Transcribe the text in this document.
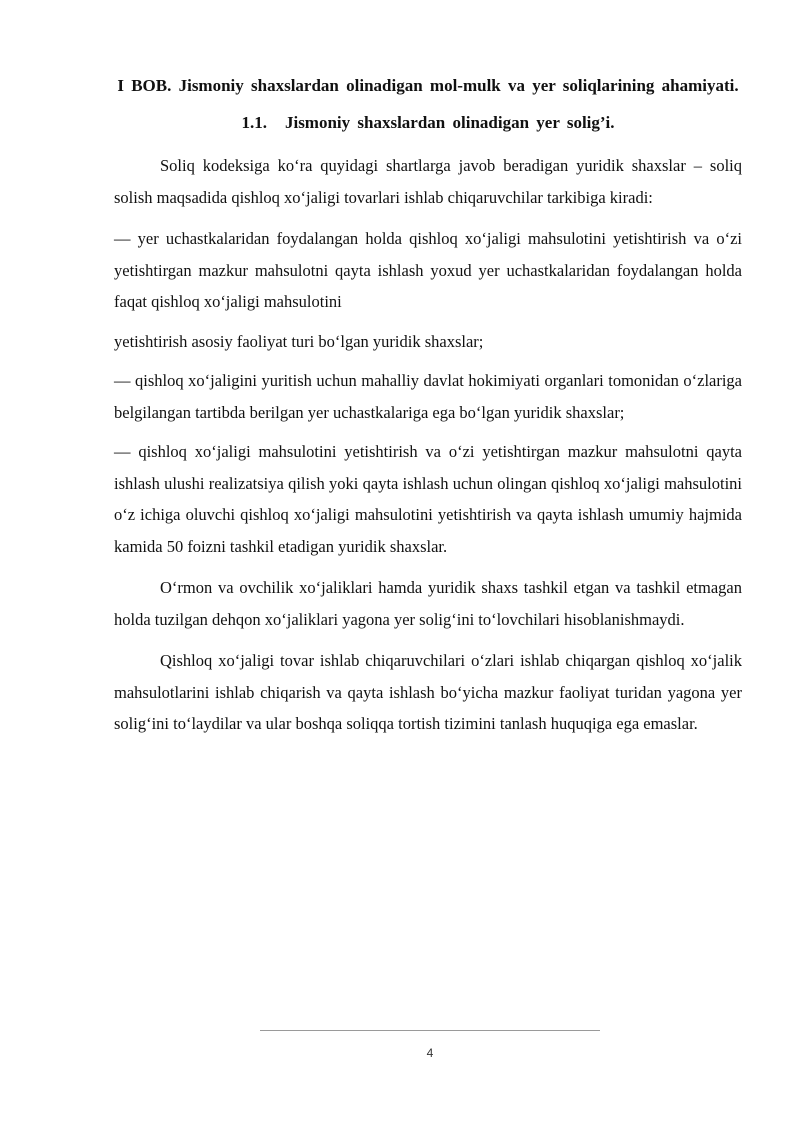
I BOB. Jismoniy shaxslardan olinadigan mol-mulk va yer soliqlarining ahamiyati.
1.1. Jismoniy shaxslardan olinadigan yer solig’i.

Soliq kodeksiga ko‘ra quyidagi shartlarga javob beradigan yuridik shaxslar – soliq solish maqsadida qishloq xo‘jaligi tovarlari ishlab chiqaruvchilar tarkibiga kiradi:

— yer uchastkalaridan foydalangan holda qishloq xo‘jaligi mahsulotini yetishtirish va o‘zi yetishtirgan mazkur mahsulotni qayta ishlash yoxud yer uchastkalaridan foydalangan holda faqat qishloq xo‘jaligi mahsulotini

yetishtirish asosiy faoliyat turi bo‘lgan yuridik shaxslar;

— qishloq xo‘jaligini yuritish uchun mahalliy davlat hokimiyati organlari tomonidan o‘zlariga belgilangan tartibda berilgan yer uchastkalariga ega bo‘lgan yuridik shaxslar;

— qishloq xo‘jaligi mahsulotini yetishtirish va o‘zi yetishtirgan mazkur mahsulotni qayta ishlash ulushi realizatsiya qilish yoki qayta ishlash uchun olingan qishloq xo‘jaligi mahsulotini o‘z ichiga oluvchi qishloq xo‘jaligi mahsulotini yetishtirish va qayta ishlash umumiy hajmida kamida 50 foizni tashkil etadigan yuridik shaxslar.

O‘rmon va ovchilik xo‘jaliklari hamda yuridik shaxs tashkil etgan va tashkil etmagan holda tuzilgan dehqon xo‘jaliklari yagona yer solig‘ini to‘lovchilari hisoblanishmaydi.

Qishloq xo‘jaligi tovar ishlab chiqaruvchilari o‘zlari ishlab chiqargan qishloq xo‘jalik mahsulotlarini ishlab chiqarish va qayta ishlash bo‘yicha mazkur faoliyat turidan yagona yer solig‘ini to‘laydilar va ular boshqa soliqqa tortish tizimini tanlash huquqiga ega emaslar.

4
